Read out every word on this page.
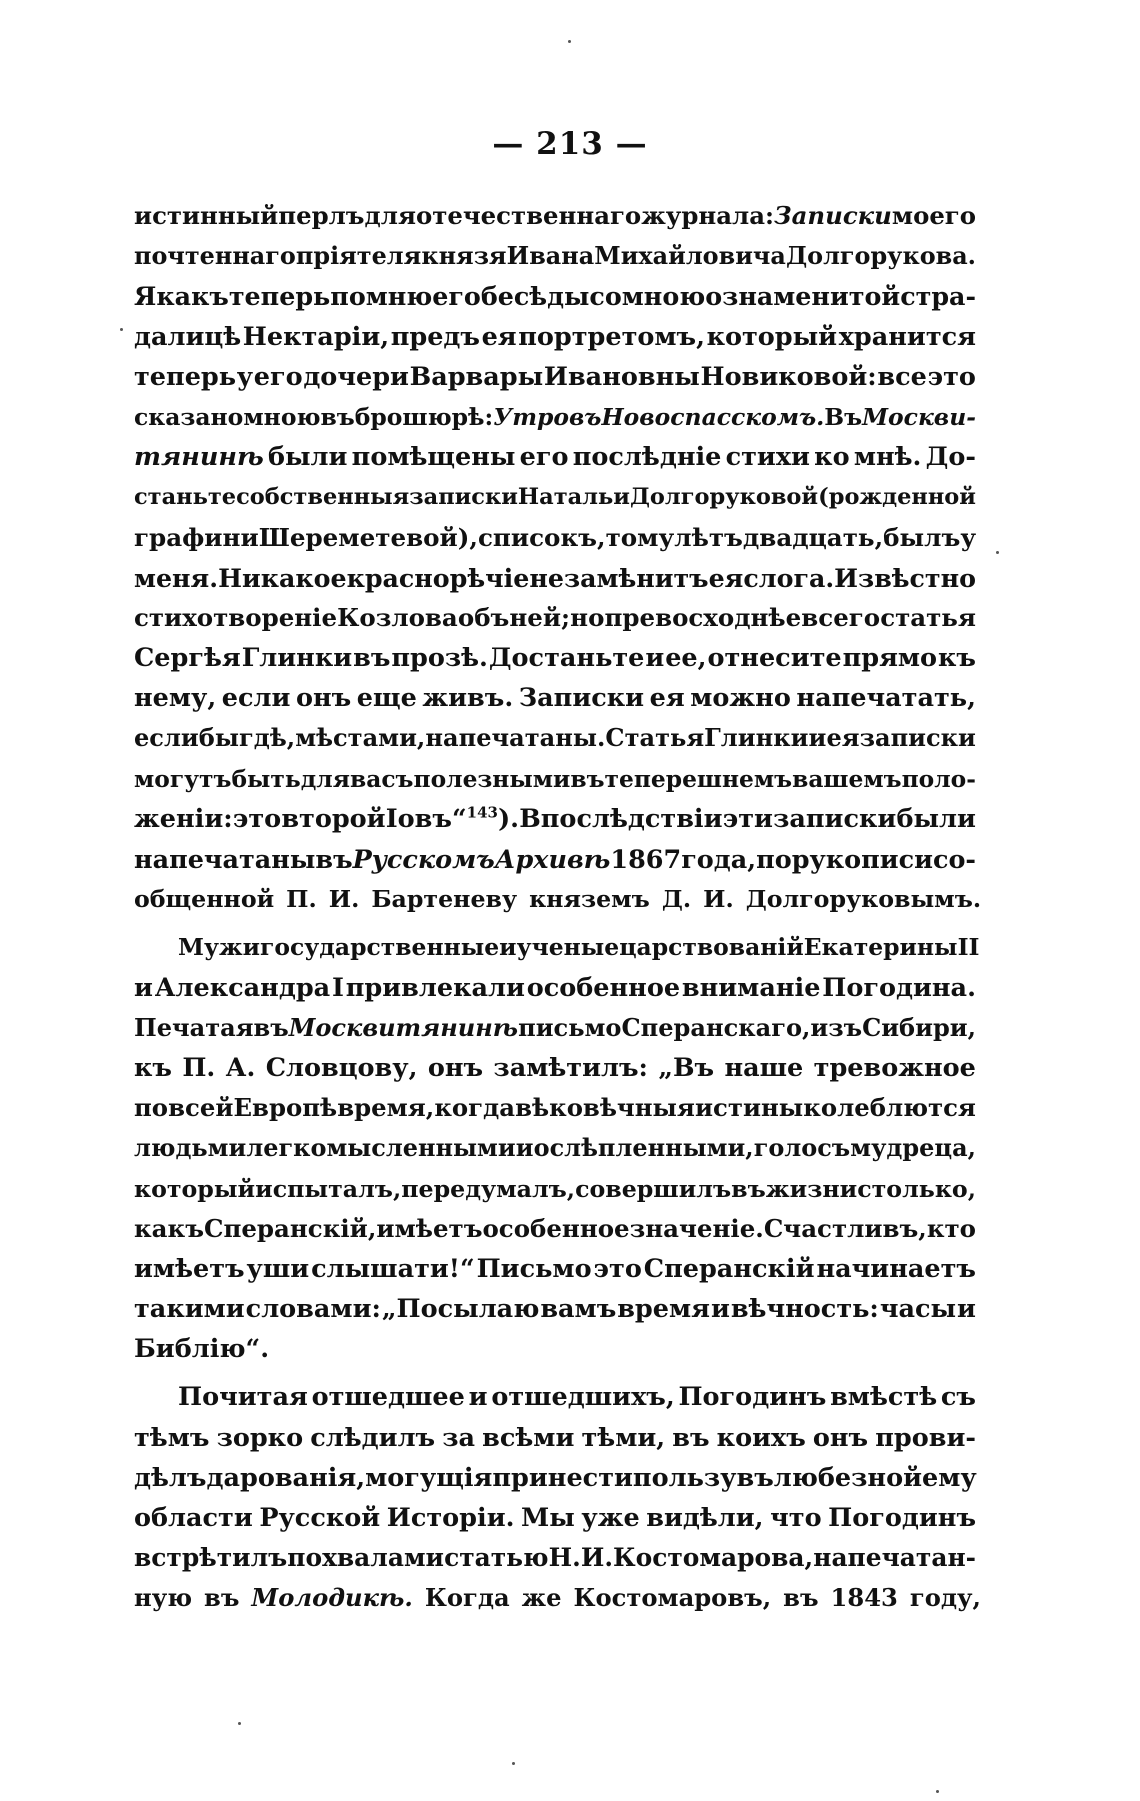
— 213 —
истинный перлъ для отечественнаго журнала: Записки моего
почтеннаго пріятеля князя Ивана Михайловича Долгорукова.
Я какъ теперь помню его бесѣды со мною о знаменитой стра-
далицѣ Нектаріи, предъ ея портретомъ, который хранится
теперь у его дочери Варвары Ивановны Новиковой: все это
сказано мною въ брошюрѣ: Утро въ Новоспасскомъ. Въ Москви-
тянинѣ были помѣщены его послѣдніе стихи ко мнѣ. До-
станьте собственныя записки Натальи Долгоруковой (рожденной
графини Шереметевой), списокъ, тому лѣтъ двадцать, былъ у
меня. Никакое краснорѣчіе не замѣнитъ ея слога. Извѣстно
стихотвореніе Козлова объ ней; но превосходнѣе всего статья
Сергѣя Глинки въ прозѣ. Достаньте и ее, отнесите прямо къ
нему, если онъ еще живъ. Записки ея можно напечатать,
еслибы гдѣ, мѣстами, напечатаны. Статья Глинки и ея записки
могутъ быть для васъ полезными въ теперешнемъ вашемъ поло-
женіи: это второй Іовъ“$^{143}$ ). Впослѣдствіи эти записки были
напечатаны въ Русскомъ Архивѣ 1867 года, по рукописи со-
общенной П. И. Бартеневу княземъ Д. И. Долгоруковымъ.
Мужи государственные и ученые царствованій Екатерины II
и Александра I привлекали особенное вниманіе Погодина.
Печатая въ Москвитянинѣ письмо Сперанскаго, изъ Сибири,
къ П. А. Словцову, онъ замѣтилъ: „Въ наше тревожное
по всей Европѣ время, когда вѣковѣчныя истины колеблются
людьми легкомысленными и ослѣпленными, голосъ мудреца,
который испыталъ, передумалъ, совершилъ въ жизни столько,
какъ Сперанскій, имѣетъ особенное значеніе. Счастливъ, кто
имѣетъ уши слышати!“ Письмо это Сперанскій начинаетъ
такими словами: „Посылаю вамъ время и вѣчность: часы и
Библію“.
Почитая отшедшее и отшедшихъ, Погодинъ вмѣстѣ съ
тѣмъ зорко слѣдилъ за всѣми тѣми, въ коихъ онъ прови-
дѣлъ дарованія, могущія принести пользу въ любезной ему
области Русской Исторіи. Мы уже видѣли, что Погодинъ
встрѣтилъ похвалами статью Н. И. Костомарова, напечатан-
ную въ Молодикѣ. Когда же Костомаровъ, въ 1843 году,
